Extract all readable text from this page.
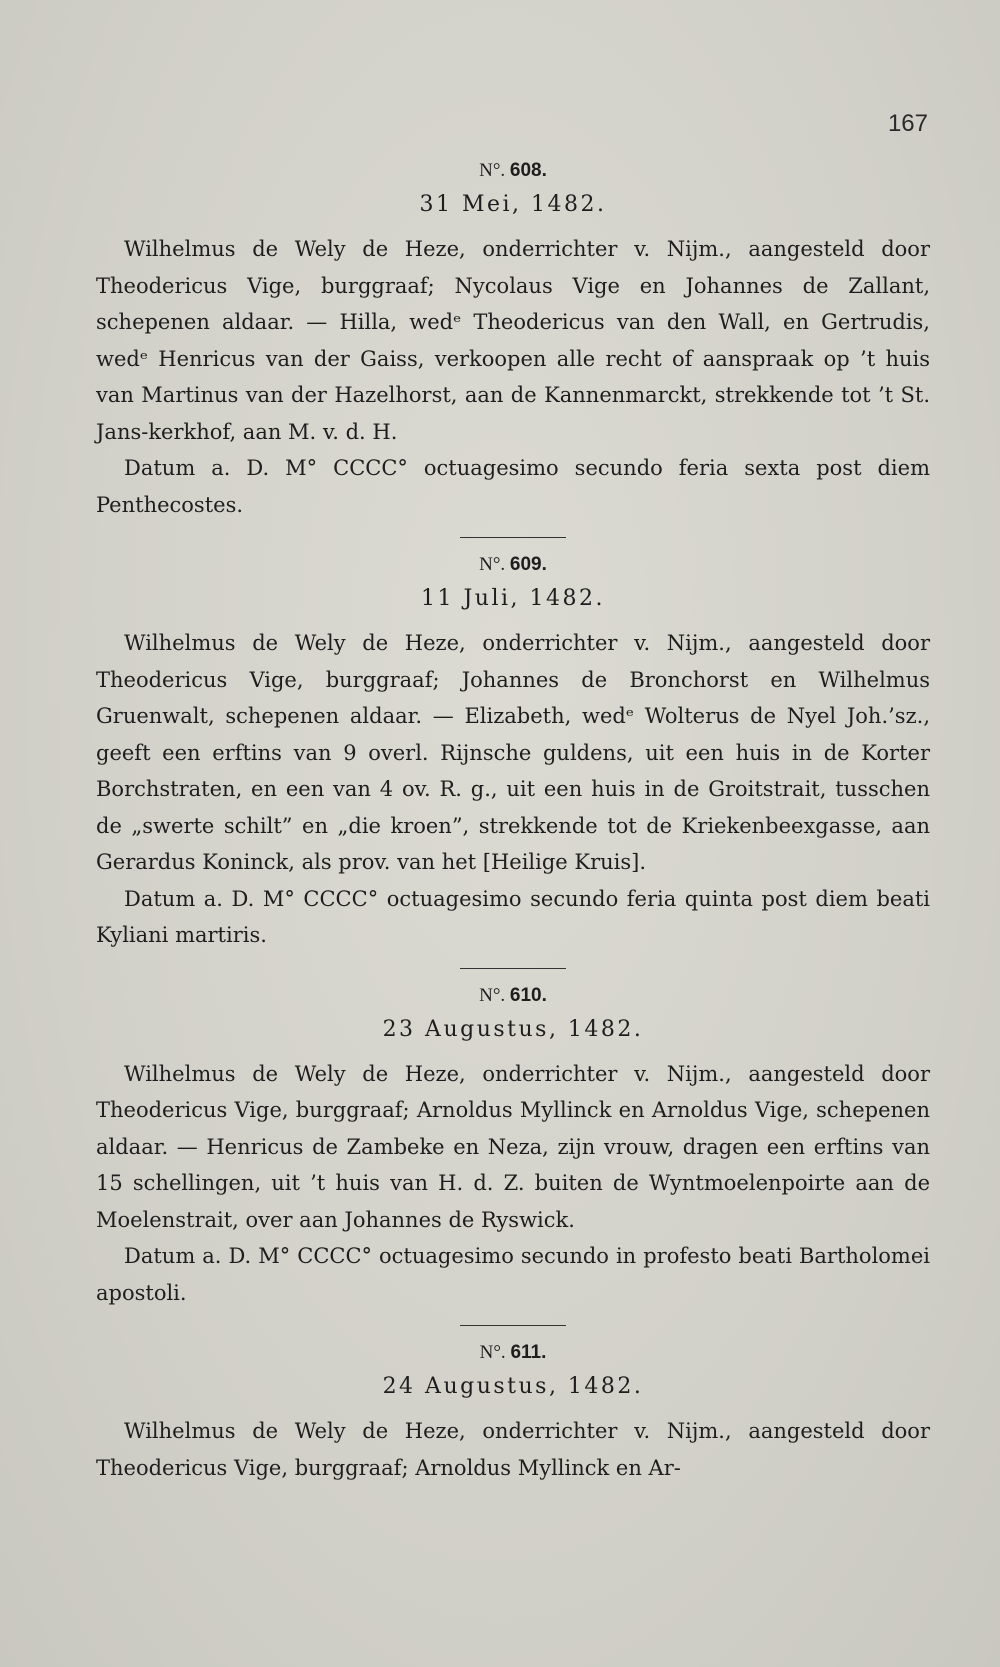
167

N°. 608.

31 Mei, 1482.

Wilhelmus de Wely de Heze, onderrichter v. Nijm., aangesteld door Theodericus Vige, burggraaf; Nycolaus Vige en Johannes de Zallant, schepenen aldaar. — Hilla, wedᵉ Theodericus van den Wall, en Gertrudis, wedᵉ Henricus van der Gaiss, verkoopen alle recht of aanspraak op ’t huis van Martinus van der Hazelhorst, aan de Kannenmarckt, strekkende tot ’t St. Jans-kerkhof, aan M. v. d. H.

Datum a. D. M° CCCC° octuagesimo secundo feria sexta post diem Penthecostes.

N°. 609.

11 Juli, 1482.

Wilhelmus de Wely de Heze, onderrichter v. Nijm., aangesteld door Theodericus Vige, burggraaf; Johannes de Bronchorst en Wilhelmus Gruenwalt, schepenen aldaar. — Elizabeth, wedᵉ Wolterus de Nyel Joh.’sz., geeft een erftins van 9 overl. Rijnsche guldens, uit een huis in de Korter Borchstraten, en een van 4 ov. R. g., uit een huis in de Groitstrait, tusschen de „swerte schilt” en „die kroen”, strekkende tot de Kriekenbeexgasse, aan Gerardus Koninck, als prov. van het [Heilige Kruis].

Datum a. D. M° CCCC° octuagesimo secundo feria quinta post diem beati Kyliani martiris.

N°. 610.

23 Augustus, 1482.

Wilhelmus de Wely de Heze, onderrichter v. Nijm., aangesteld door Theodericus Vige, burggraaf; Arnoldus Myllinck en Arnoldus Vige, schepenen aldaar. — Henricus de Zambeke en Neza, zijn vrouw, dragen een erftins van 15 schellingen, uit ’t huis van H. d. Z. buiten de Wyntmoelenpoirte aan de Moelenstrait, over aan Johannes de Ryswick.

Datum a. D. M° CCCC° octuagesimo secundo in profesto beati Bartholomei apostoli.

N°. 611.

24 Augustus, 1482.

Wilhelmus de Wely de Heze, onderrichter v. Nijm., aangesteld door Theodericus Vige, burggraaf; Arnoldus Myllinck en Ar-
